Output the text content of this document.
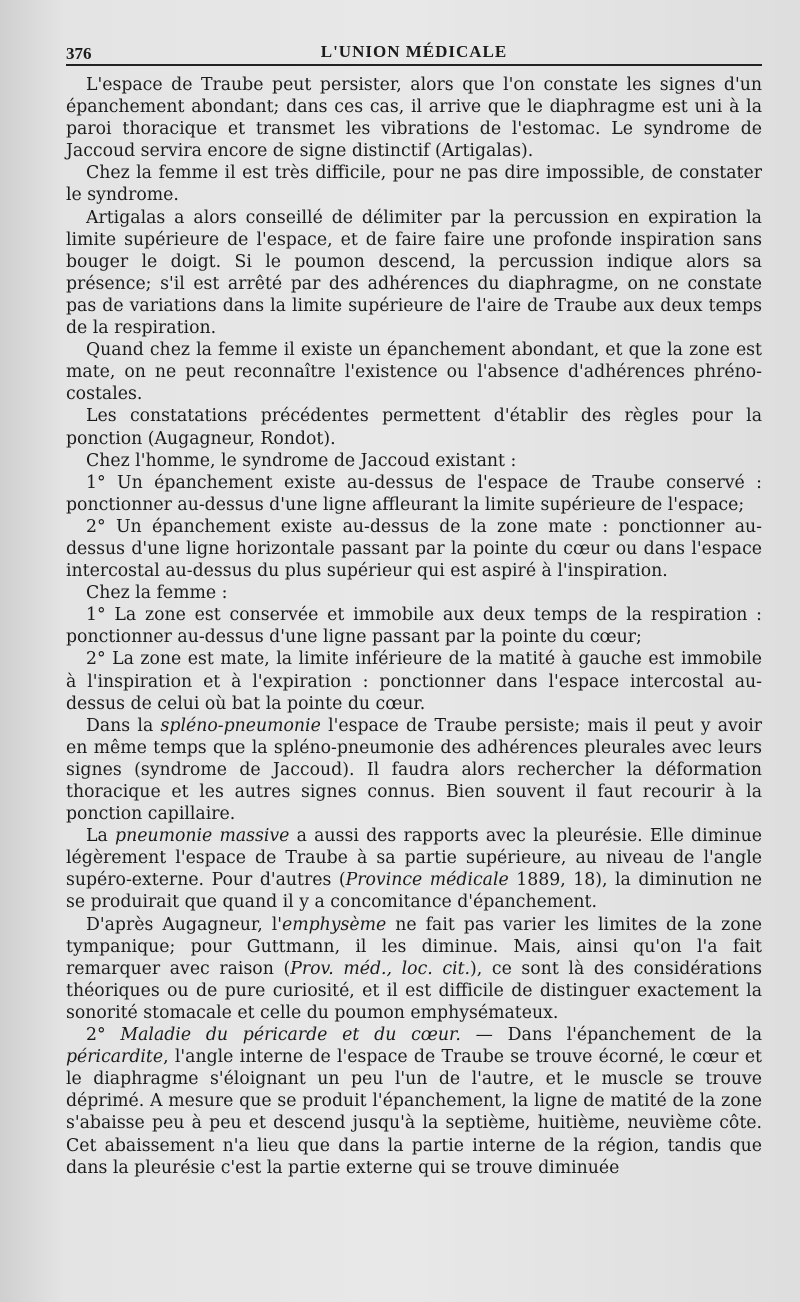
376	L'UNION MÉDICALE

L'espace de Traube peut persister, alors que l'on constate les signes d'un épanchement abondant; dans ces cas, il arrive que le diaphragme est uni à la paroi thoracique et transmet les vibrations de l'estomac. Le syndrome de Jaccoud servira encore de signe distinctif (Artigalas).

Chez la femme il est très difficile, pour ne pas dire impossible, de constater le syndrome.

Artigalas a alors conseillé de délimiter par la percussion en expiration la limite supérieure de l'espace, et de faire faire une profonde inspiration sans bouger le doigt. Si le poumon descend, la percussion indique alors sa présence; s'il est arrêté par des adhérences du diaphragme, on ne constate pas de variations dans la limite supérieure de l'aire de Traube aux deux temps de la respiration.

Quand chez la femme il existe un épanchement abondant, et que la zone est mate, on ne peut reconnaître l'existence ou l'absence d'adhérences phréno-costales.

Les constatations précédentes permettent d'établir des règles pour la ponction (Augagneur, Rondot).

Chez l'homme, le syndrome de Jaccoud existant :

1° Un épanchement existe au-dessus de l'espace de Traube conservé : ponctionner au-dessus d'une ligne affleurant la limite supérieure de l'espace;

2° Un épanchement existe au-dessus de la zone mate : ponctionner au-dessus d'une ligne horizontale passant par la pointe du cœur ou dans l'espace intercostal au-dessus du plus supérieur qui est aspiré à l'inspiration.

Chez la femme :

1° La zone est conservée et immobile aux deux temps de la respiration : ponctionner au-dessus d'une ligne passant par la pointe du cœur;

2° La zone est mate, la limite inférieure de la matité à gauche est immobile à l'inspiration et à l'expiration : ponctionner dans l'espace intercostal au-dessus de celui où bat la pointe du cœur.

Dans la spléno-pneumonie l'espace de Traube persiste; mais il peut y avoir en même temps que la spléno-pneumonie des adhérences pleurales avec leurs signes (syndrome de Jaccoud). Il faudra alors rechercher la déformation thoracique et les autres signes connus. Bien souvent il faut recourir à la ponction capillaire.

La pneumonie massive a aussi des rapports avec la pleurésie. Elle diminue légèrement l'espace de Traube à sa partie supérieure, au niveau de l'angle supéro-externe. Pour d'autres (Province médicale 1889, 18), la diminution ne se produirait que quand il y a concomitance d'épanchement.

D'après Augagneur, l'emphysème ne fait pas varier les limites de la zone tympanique; pour Guttmann, il les diminue. Mais, ainsi qu'on l'a fait remarquer avec raison (Prov. méd., loc. cit.), ce sont là des considérations théoriques ou de pure curiosité, et il est difficile de distinguer exactement la sonorité stomacale et celle du poumon emphysémateux.

2° Maladie du péricarde et du cœur. — Dans l'épanchement de la péricardite, l'angle interne de l'espace de Traube se trouve écorné, le cœur et le diaphragme s'éloignant un peu l'un de l'autre, et le muscle se trouve déprimé. A mesure que se produit l'épanchement, la ligne de matité de la zone s'abaisse peu à peu et descend jusqu'à la septième, huitième, neuvième côte. Cet abaissement n'a lieu que dans la partie interne de la région, tandis que dans la pleurésie c'est la partie externe qui se trouve diminuée
